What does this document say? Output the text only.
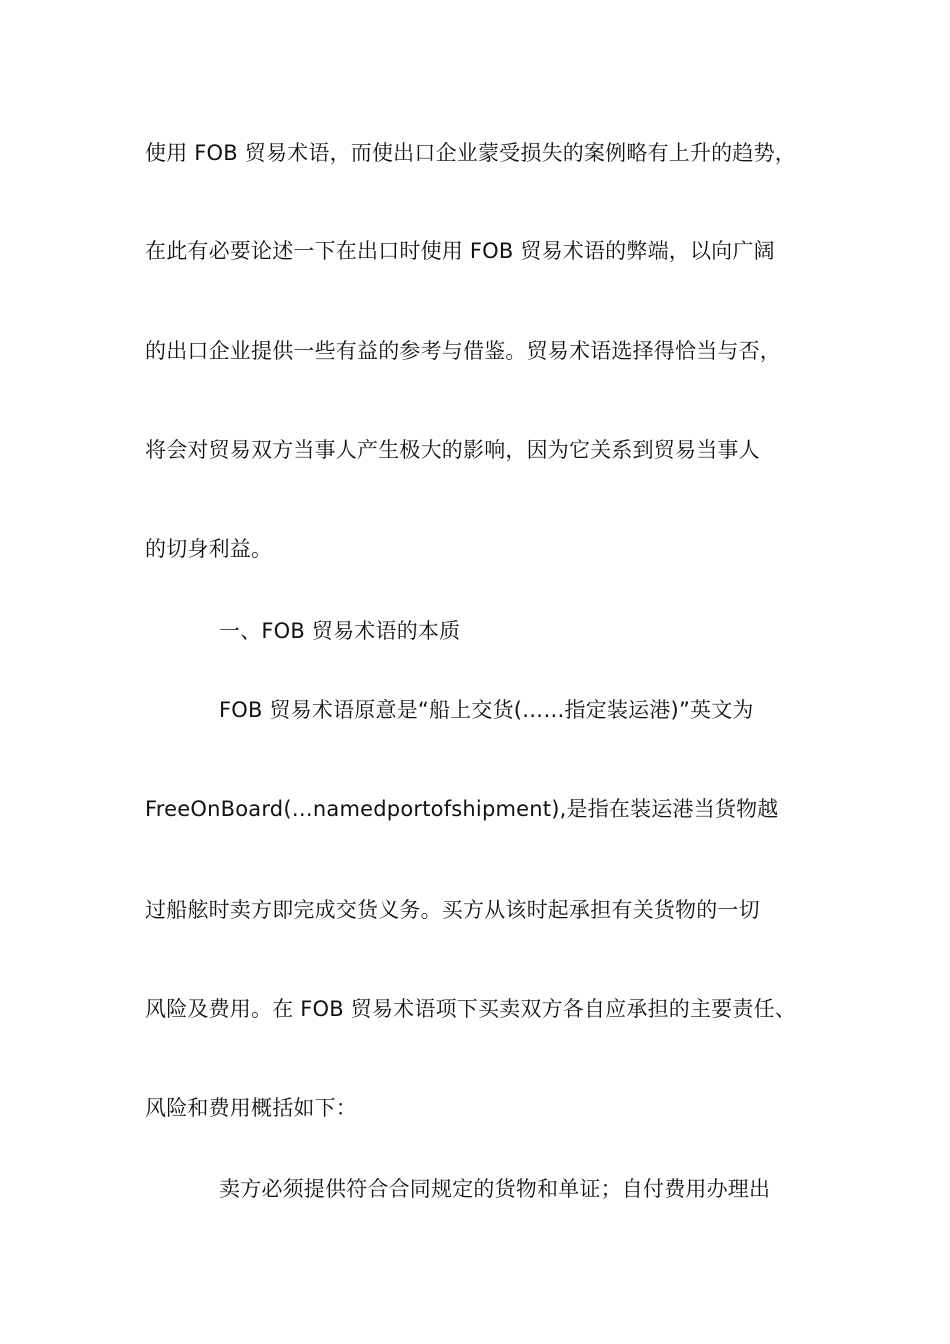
使用 FOB 贸易术语，而使出口企业蒙受损失的案例略有上升的趋势，
在此有必要论述一下在出口时使用 FOB 贸易术语的弊端，以向广阔
的出口企业提供一些有益的参考与借鉴。贸易术语选择得恰当与否，
将会对贸易双方当事人产生极大的影响，因为它关系到贸易当事人
的切身利益。
一、FOB 贸易术语的本质
FOB 贸易术语原意是“船上交货(……指定装运港)”英文为
FreeOnBoard(…namedportofshipment),是指在装运港当货物越
过船舷时卖方即完成交货义务。买方从该时起承担有关货物的一切
风险及费用。在 FOB 贸易术语项下买卖双方各自应承担的主要责任、
风险和费用概括如下：
卖方必须提供符合合同规定的货物和单证；自付费用办理出
